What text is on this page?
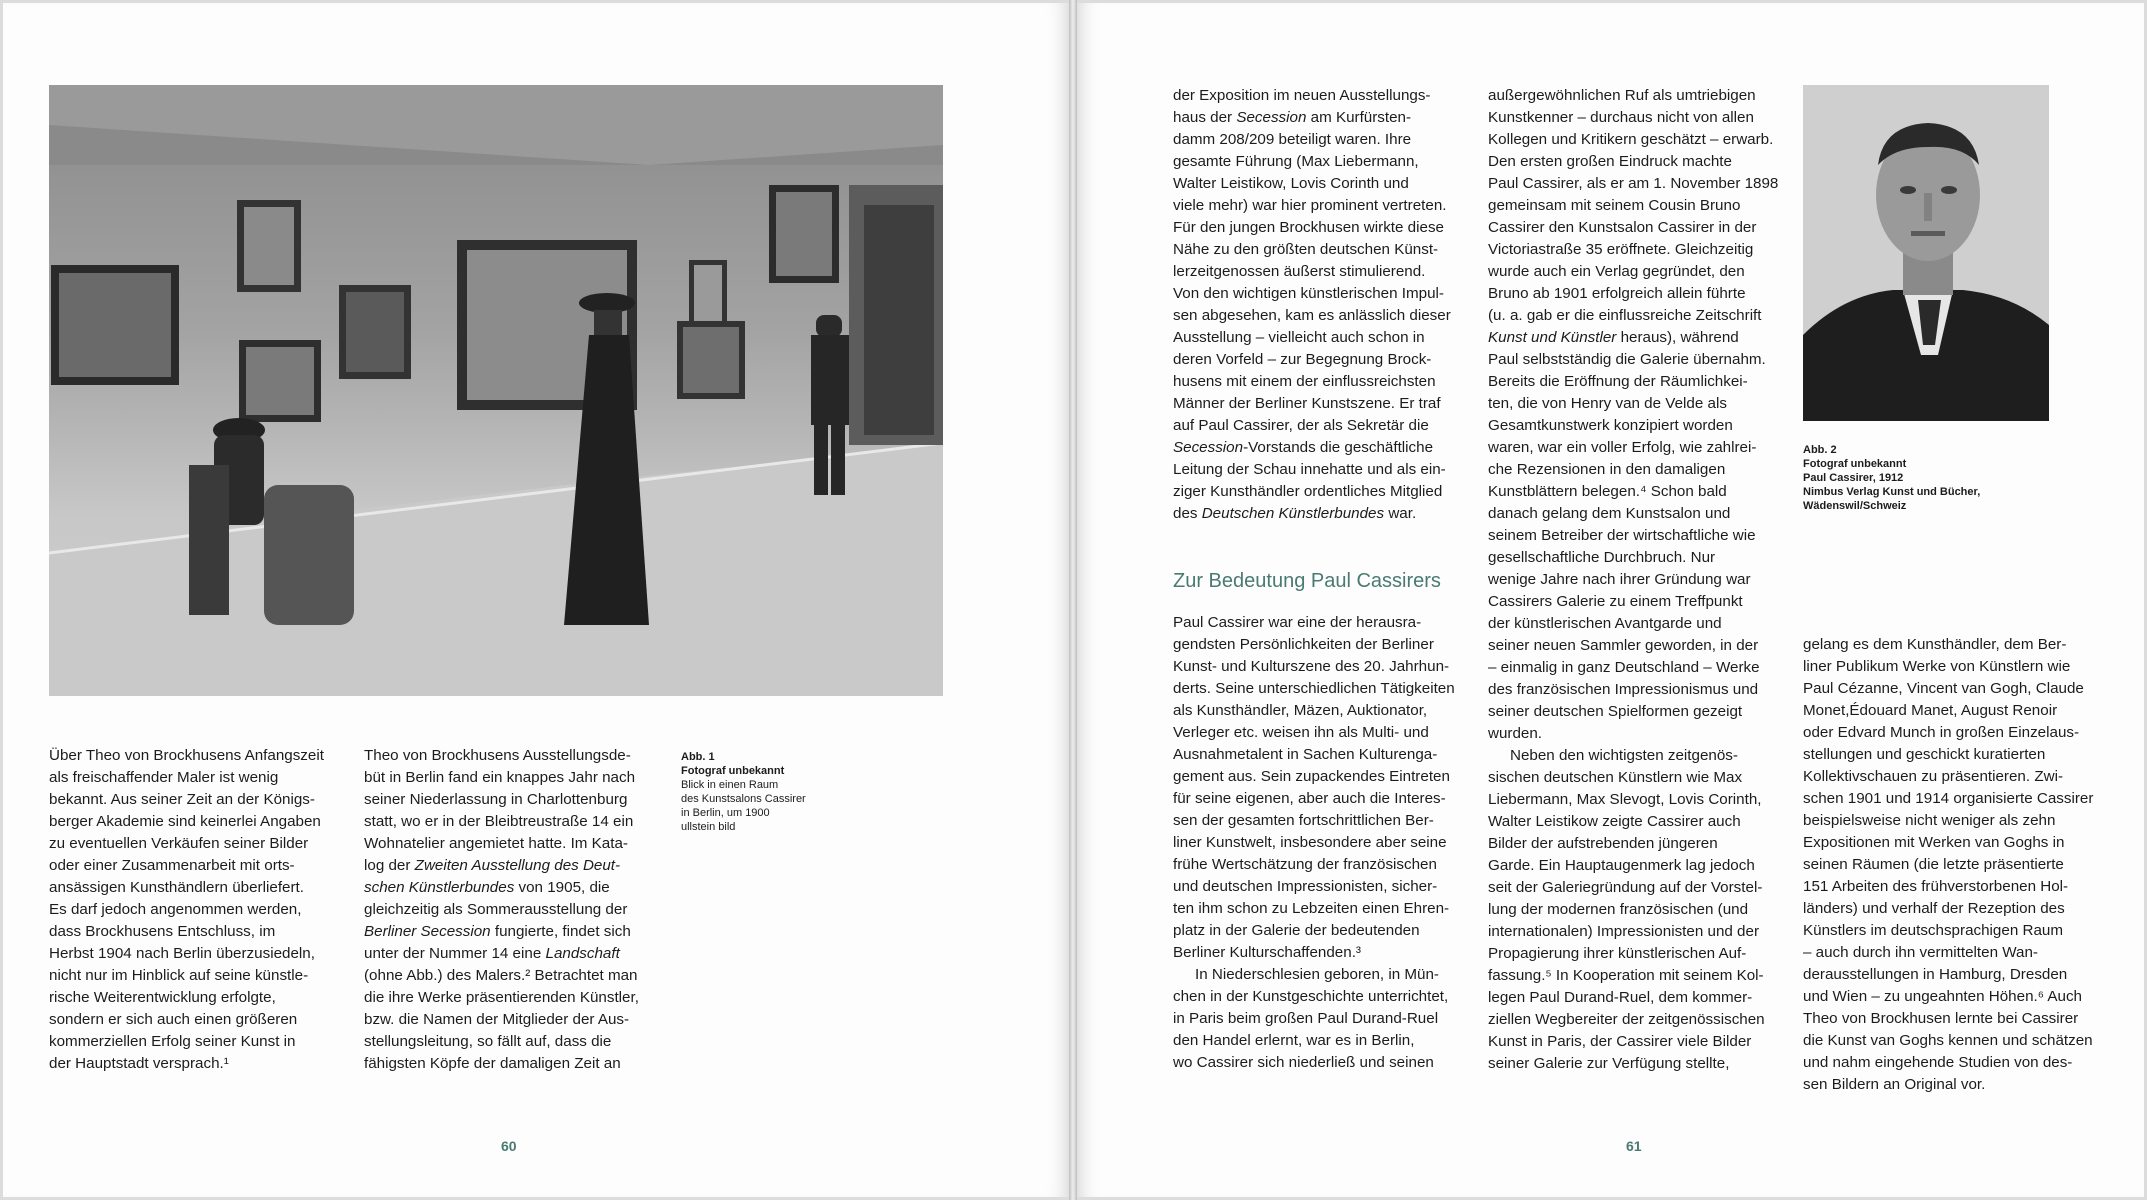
Abb. 1
Fotograf unbekannt
Blick in einen Raum
des Kunstsalons Cassirer
in Berlin, um 1900
ullstein bild

Über Theo von Brockhusens Anfangszeit
als freischaffender Maler ist wenig
bekannt. Aus seiner Zeit an der Königs-
berger Akademie sind keinerlei Angaben
zu eventuellen Verkäufen seiner Bilder
oder einer Zusammenarbeit mit orts-
ansässigen Kunsthändlern überliefert.
Es darf jedoch angenommen werden,
dass Brockhusens Entschluss, im
Herbst 1904 nach Berlin überzusiedeln,
nicht nur im Hinblick auf seine künstle-
rische Weiterentwicklung erfolgte,
sondern er sich auch einen größeren
kommerziellen Erfolg seiner Kunst in
der Hauptstadt versprach.¹

Theo von Brockhusens Ausstellungsde-
büt in Berlin fand ein knappes Jahr nach
seiner Niederlassung in Charlottenburg
statt, wo er in der Bleibtreustraße 14 ein
Wohnatelier angemietet hatte. Im Kata-
log der Zweiten Ausstellung des Deut-
schen Künstlerbundes von 1905, die
gleichzeitig als Sommerausstellung der
Berliner Secession fungierte, findet sich
unter der Nummer 14 eine Landschaft
(ohne Abb.) des Malers.² Betrachtet man
die ihre Werke präsentierenden Künstler,
bzw. die Namen der Mitglieder der Aus-
stellungsleitung, so fällt auf, dass die
fähigsten Köpfe der damaligen Zeit an

60

der Exposition im neuen Ausstellungs-
haus der Secession am Kurfürsten-
damm 208/209 beteiligt waren. Ihre
gesamte Führung (Max Liebermann,
Walter Leistikow, Lovis Corinth und
viele mehr) war hier prominent vertreten.
Für den jungen Brockhusen wirkte diese
Nähe zu den größten deutschen Künst-
lerzeitgenossen äußerst stimulierend.
Von den wichtigen künstlerischen Impul-
sen abgesehen, kam es anlässlich dieser
Ausstellung – vielleicht auch schon in
deren Vorfeld – zur Begegnung Brock-
husens mit einem der einflussreichsten
Männer der Berliner Kunstszene. Er traf
auf Paul Cassirer, der als Sekretär die
Secession-Vorstands die geschäftliche
Leitung der Schau innehatte und als ein-
ziger Kunsthändler ordentliches Mitglied
des Deutschen Künstlerbundes war.

Zur Bedeutung Paul Cassirers

Paul Cassirer war eine der herausra-
gendsten Persönlichkeiten der Berliner
Kunst- und Kulturszene des 20. Jahrhun-
derts. Seine unterschiedlichen Tätigkeiten
als Kunsthändler, Mäzen, Auktionator,
Verleger etc. weisen ihn als Multi- und
Ausnahmetalent in Sachen Kulturenga-
gement aus. Sein zupackendes Eintreten
für seine eigenen, aber auch die Interes-
sen der gesamten fortschrittlichen Ber-
liner Kunstwelt, insbesondere aber seine
frühe Wertschätzung der französischen
und deutschen Impressionisten, sicher-
ten ihm schon zu Lebzeiten einen Ehren-
platz in der Galerie der bedeutenden
Berliner Kulturschaffenden.³

In Niederschlesien geboren, in Mün-
chen in der Kunstgeschichte unterrichtet,
in Paris beim großen Paul Durand-Ruel
den Handel erlernt, war es in Berlin,
wo Cassirer sich niederließ und seinen

außergewöhnlichen Ruf als umtriebigen
Kunstkenner – durchaus nicht von allen
Kollegen und Kritikern geschätzt – erwarb.
Den ersten großen Eindruck machte
Paul Cassirer, als er am 1. November 1898
gemeinsam mit seinem Cousin Bruno
Cassirer den Kunstsalon Cassirer in der
Victoriastraße 35 eröffnete. Gleichzeitig
wurde auch ein Verlag gegründet, den
Bruno ab 1901 erfolgreich allein führte
(u. a. gab er die einflussreiche Zeitschrift
Kunst und Künstler heraus), während
Paul selbstständig die Galerie übernahm.
Bereits die Eröffnung der Räumlichkei-
ten, die von Henry van de Velde als
Gesamtkunstwerk konzipiert worden
waren, war ein voller Erfolg, wie zahlrei-
che Rezensionen in den damaligen
Kunstblättern belegen.⁴ Schon bald
danach gelang dem Kunstsalon und
seinem Betreiber der wirtschaftliche wie
gesellschaftliche Durchbruch. Nur
wenige Jahre nach ihrer Gründung war
Cassirers Galerie zu einem Treffpunkt
der künstlerischen Avantgarde und
seiner neuen Sammler geworden, in der
– einmalig in ganz Deutschland – Werke
des französischen Impressionismus und
seiner deutschen Spielformen gezeigt
wurden.

Neben den wichtigsten zeitgenös-
sischen deutschen Künstlern wie Max
Liebermann, Max Slevogt, Lovis Corinth,
Walter Leistikow zeigte Cassirer auch
Bilder der aufstrebenden jüngeren
Garde. Ein Hauptaugenmerk lag jedoch
seit der Galeriegründung auf der Vorstel-
lung der modernen französischen (und
internationalen) Impressionisten und der
Propagierung ihrer künstlerischen Auf-
fassung.⁵ In Kooperation mit seinem Kol-
legen Paul Durand-Ruel, dem kommer-
ziellen Wegbereiter der zeitgenössischen
Kunst in Paris, der Cassirer viele Bilder
seiner Galerie zur Verfügung stellte,

Abb. 2
Fotograf unbekannt
Paul Cassirer, 1912
Nimbus Verlag Kunst und Bücher,
Wädenswil/Schweiz

gelang es dem Kunsthändler, dem Ber-
liner Publikum Werke von Künstlern wie
Paul Cézanne, Vincent van Gogh, Claude
Monet,Édouard Manet, August Renoir
oder Edvard Munch in großen Einzelaus-
stellungen und geschickt kuratierten
Kollektivschauen zu präsentieren. Zwi-
schen 1901 und 1914 organisierte Cassirer
beispielsweise nicht weniger als zehn
Expositionen mit Werken van Goghs in
seinen Räumen (die letzte präsentierte
151 Arbeiten des frühverstorbenen Hol-
länders) und verhalf der Rezeption des
Künstlers im deutschsprachigen Raum
– auch durch ihn vermittelten Wan-
derausstellungen in Hamburg, Dresden
und Wien – zu ungeahnten Höhen.⁶ Auch
Theo von Brockhusen lernte bei Cassirer
die Kunst van Goghs kennen und schätzen
und nahm eingehende Studien von des-
sen Bildern an Original vor.

61
